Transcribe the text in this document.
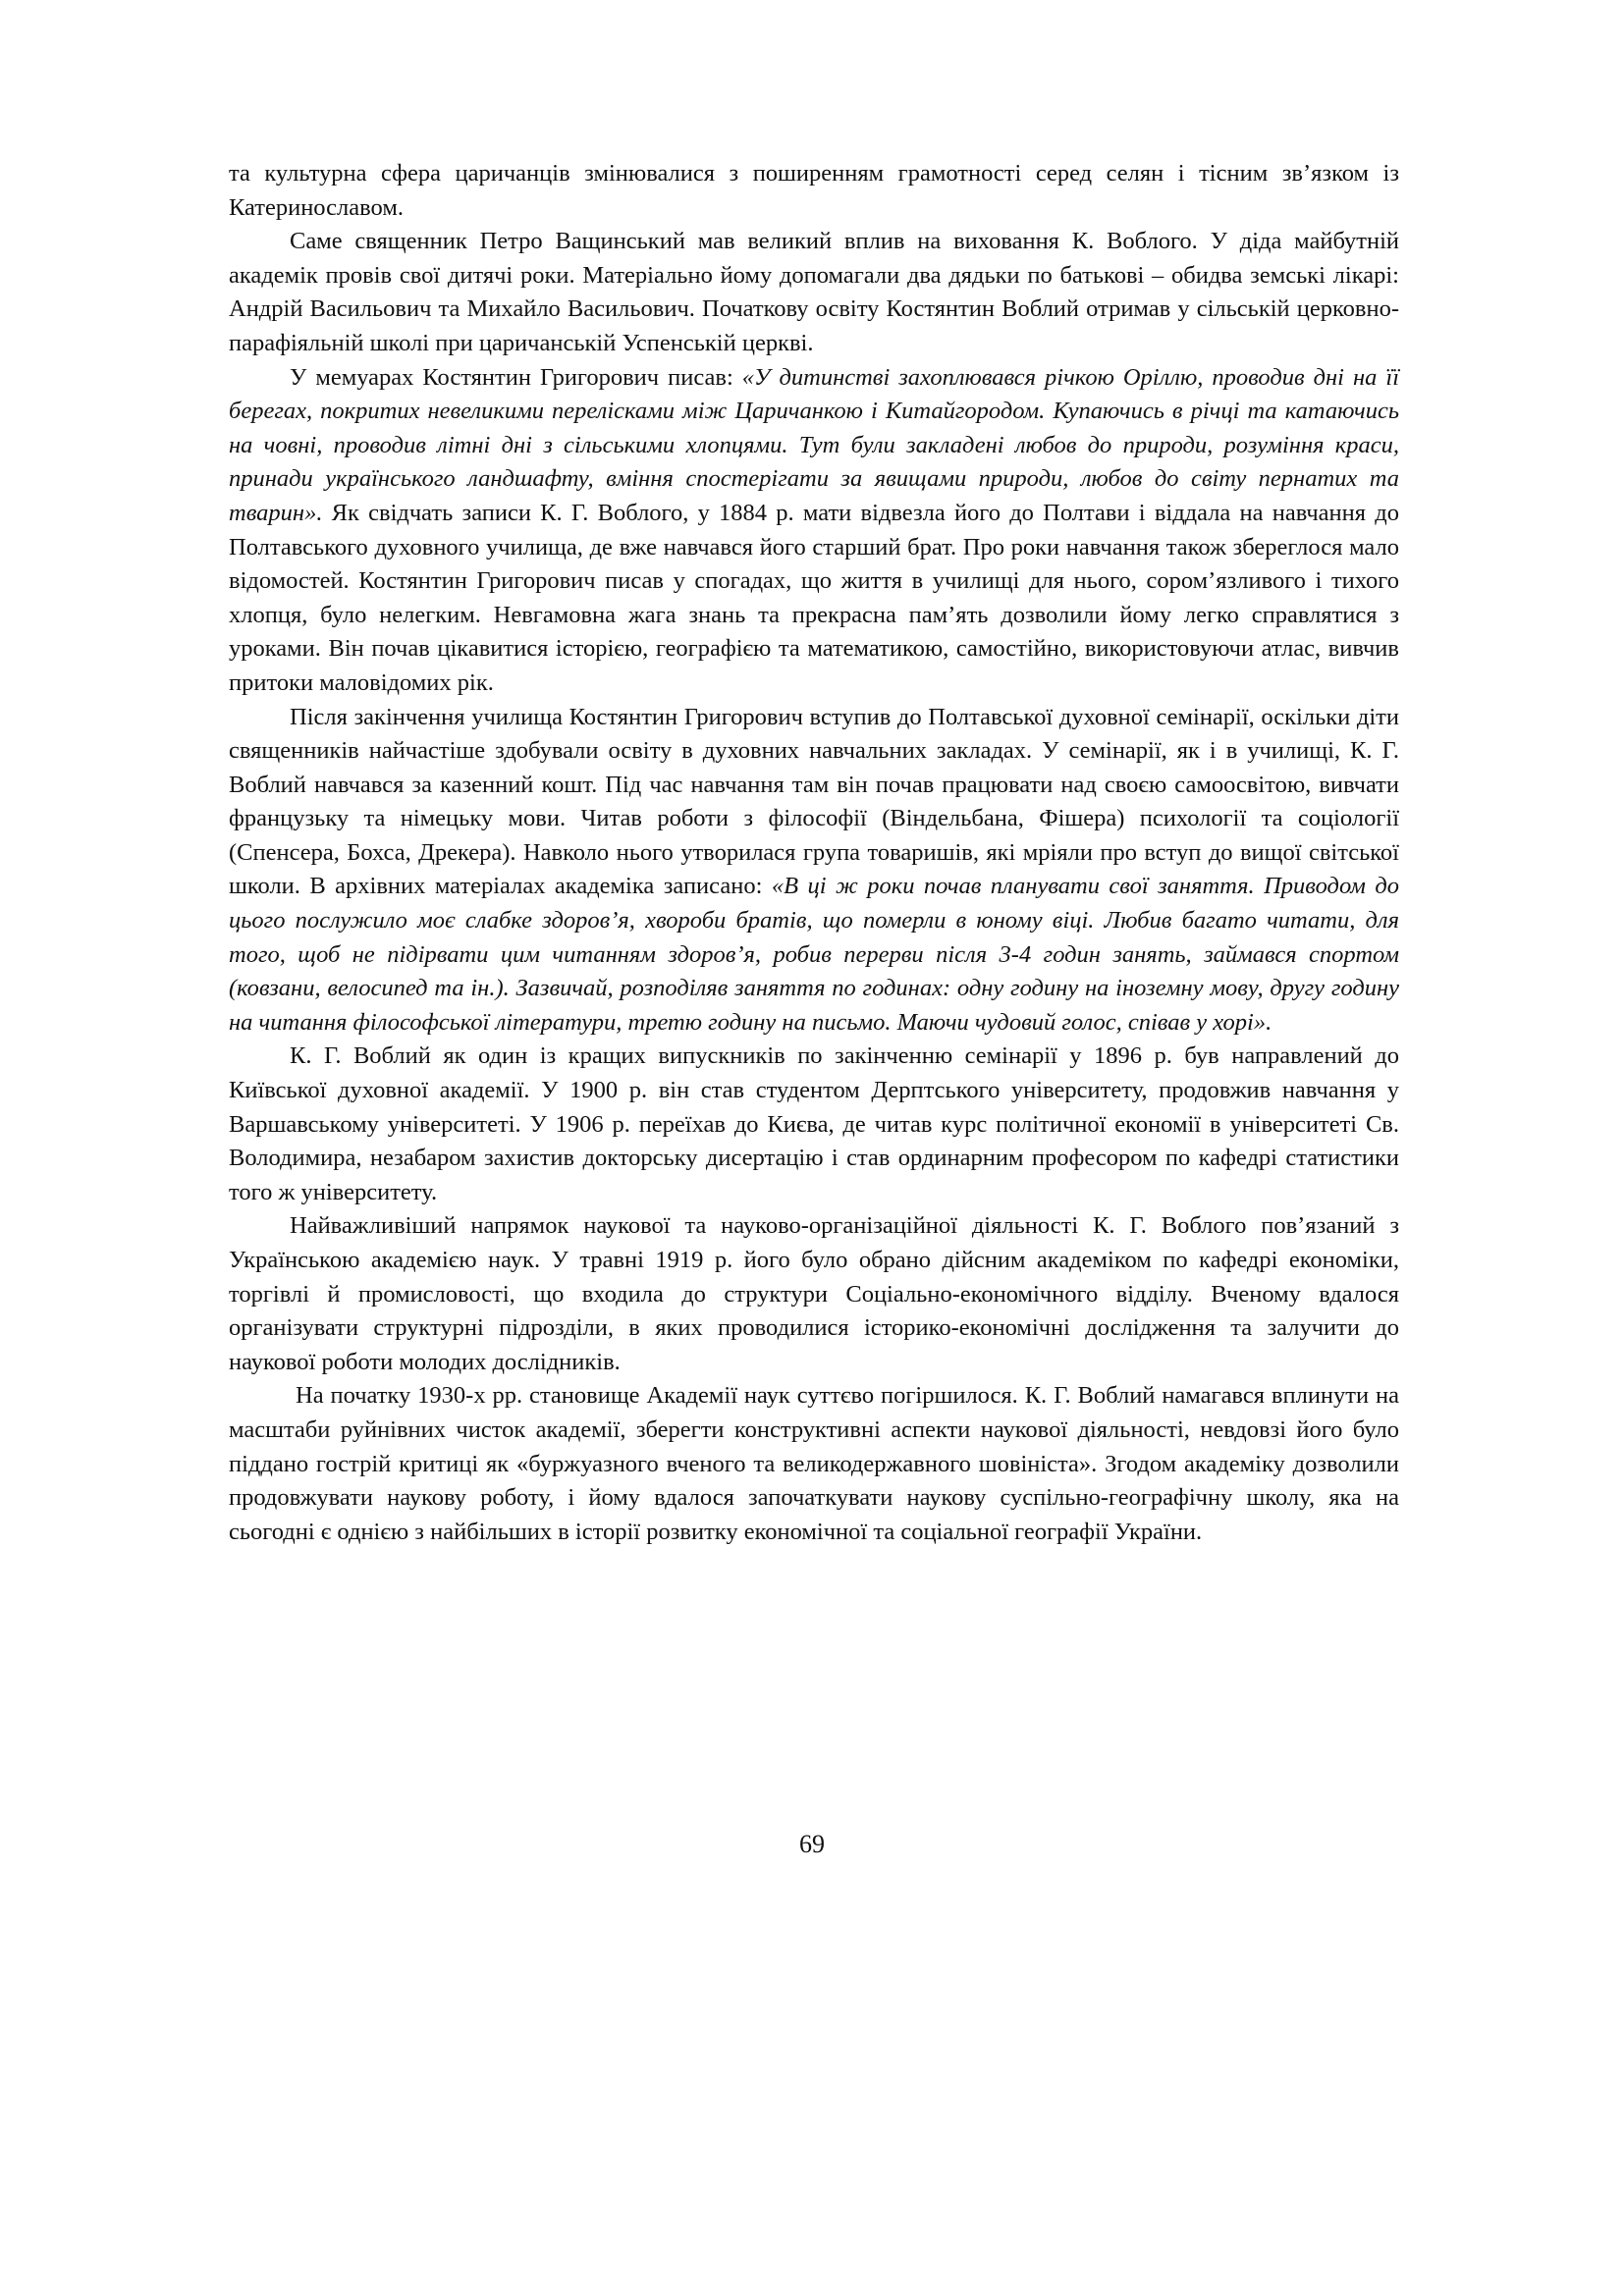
та культурна сфера царичанців змінювалися з поширенням грамотності серед селян і тісним зв’язком із Катеринославом.

Саме священник Петро Ващинський мав великий вплив на виховання К. Воблого. У діда майбутній академік провів свої дитячі роки. Матеріально йому допомагали два дядьки по батькові – обидва земські лікарі: Андрій Васильович та Михайло Васильович. Початкову освіту Костянтин Воблий отримав у сільській церковно-парафіяльній школі при царичанській Успенській церкві.

У мемуарах Костянтин Григорович писав: «У дитинстві захоплювався річкою Оріллю, проводив дні на її берегах, покритих невеликими перелісками між Царичанкою і Китайгородом. Купаючись в річці та катаючись на човні, проводив літні дні з сільськими хлопцями. Тут були закладені любов до природи, розуміння краси, принади українського ландшафту, вміння спостерігати за явищами природи, любов до світу пернатих та тварин». Як свідчать записи К. Г. Воблого, у 1884 р. мати відвезла його до Полтави і віддала на навчання до Полтавського духовного училища, де вже навчався його старший брат. Про роки навчання також збереглося мало відомостей. Костянтин Григорович писав у спогадах, що життя в училищі для нього, сором’язливого і тихого хлопця, було нелегким. Невгамовна жага знань та прекрасна пам’ять дозволили йому легко справлятися з уроками. Він почав цікавитися історією, географією та математикою, самостійно, використовуючи атлас, вивчив притоки маловідомих рік.

Після закінчення училища Костянтин Григорович вступив до Полтавської духовної семінарії, оскільки діти священників найчастіше здобували освіту в духовних навчальних закладах. У семінарії, як і в училищі, К. Г. Воблий навчався за казенний кошт. Під час навчання там він почав працювати над своєю самоосвітою, вивчати французьку та німецьку мови. Читав роботи з філософії (Віндельбана, Фішера) психології та соціології (Спенсера, Бохса, Дрекера). Навколо нього утворилася група товаришів, які мріяли про вступ до вищої світської школи. В архівних матеріалах академіка записано: «В ці ж роки почав планувати свої заняття. Приводом до цього послужило моє слабке здоров’я, хвороби братів, що померли в юному віці. Любив багато читати, для того, щоб не підірвати цим читанням здоров’я, робив перерви після 3-4 годин занять, займався спортом (ковзани, велосипед та ін.). Зазвичай, розподіляв заняття по годинах: одну годину на іноземну мову, другу годину на читання філософської літератури, третю годину на письмо. Маючи чудовий голос, співав у хорі».

К. Г. Воблий як один із кращих випускників по закінченню семінарії у 1896 р. був направлений до Київської духовної академії. У 1900 р. він став студентом Дерптського університету, продовжив навчання у Варшавському університеті. У 1906 р. переїхав до Києва, де читав курс політичної економії в університеті Св. Володимира, незабаром захистив докторську дисертацію і став ординарним професором по кафедрі статистики того ж університету.

Найважливіший напрямок наукової та науково-організаційної діяльності К. Г. Воблого пов’язаний з Українською академією наук. У травні 1919 р. його було обрано дійсним академіком по кафедрі економіки, торгівлі й промисловості, що входила до структури Соціально-економічного відділу. Вченому вдалося організувати структурні підрозділи, в яких проводилися історико-економічні дослідження та залучити до наукової роботи молодих дослідників.

На початку 1930-х рр. становище Академії наук суттєво погіршилося. К. Г. Воблий намагався вплинути на масштаби руйнівних чисток академії, зберегти конструктивні аспекти наукової діяльності, невдовзі його було піддано гострій критиці як «буржуазного вченого та великодержавного шовініста». Згодом академіку дозволили продовжувати наукову роботу, і йому вдалося започаткувати наукову суспільно-географічну школу, яка на сьогодні є однією з найбільших в історії розвитку економічної та соціальної географії України.

69
